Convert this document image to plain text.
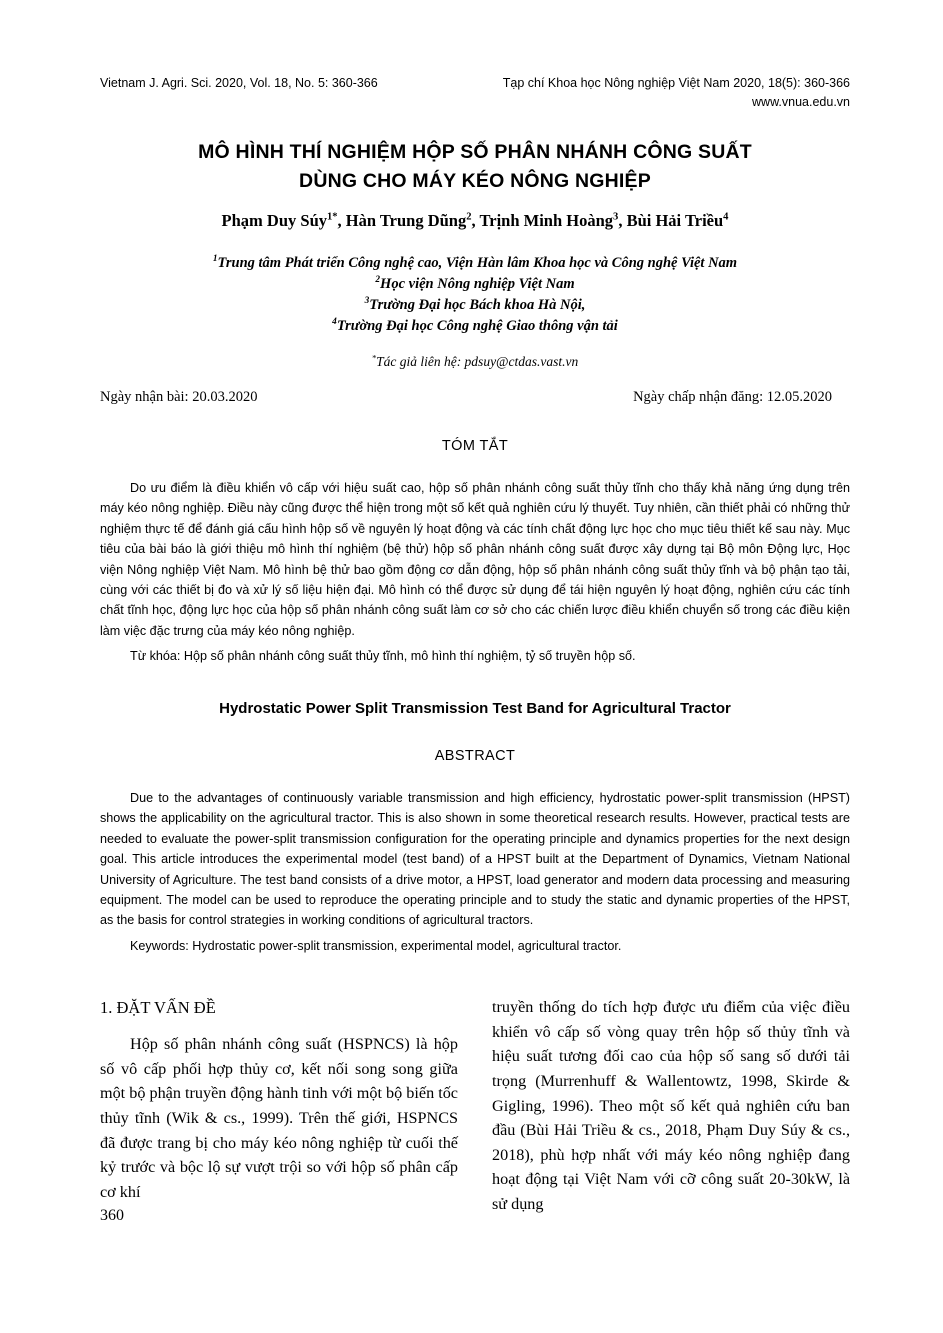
Vietnam J. Agri. Sci. 2020, Vol. 18, No. 5: 360-366	Tạp chí Khoa học Nông nghiệp Việt Nam 2020, 18(5): 360-366
www.vnua.edu.vn
MÔ HÌNH THÍ NGHIỆM HỘP SỐ PHÂN NHÁNH CÔNG SUẤT
DÙNG CHO MÁY KÉO NÔNG NGHIỆP
Phạm Duy Súy$^{1*}$, Hàn Trung Dũng$^2$, Trịnh Minh Hoàng$^3$, Bùi Hải Triều$^4$
$^1$Trung tâm Phát triển Công nghệ cao, Viện Hàn lâm Khoa học và Công nghệ Việt Nam
$^2$Học viện Nông nghiệp Việt Nam
$^3$Trường Đại học Bách khoa Hà Nội,
$^4$Trường Đại học Công nghệ Giao thông vận tải
*Tác giả liên hệ: pdsuy@ctdas.vast.vn
Ngày nhận bài: 20.03.2020	Ngày chấp nhận đăng: 12.05.2020
TÓM TẮT

Do ưu điểm là điều khiển vô cấp với hiệu suất cao, hộp số phân nhánh công suất thủy tĩnh cho thấy khả năng ứng dụng trên máy kéo nông nghiệp. Điều này cũng được thể hiện trong một số kết quả nghiên cứu lý thuyết. Tuy nhiên, cần thiết phải có những thử nghiệm thực tế để đánh giá cấu hình hộp số về nguyên lý hoạt động và các tính chất động lực học cho mục tiêu thiết kế sau này. Mục tiêu của bài báo là giới thiệu mô hình thí nghiệm (bệ thử) hộp số phân nhánh công suất được xây dựng tại Bộ môn Động lực, Học viện Nông nghiệp Việt Nam. Mô hình bệ thử bao gồm động cơ dẫn động, hộp số phân nhánh công suất thủy tĩnh và bộ phận tạo tải, cùng với các thiết bị đo và xử lý số liệu hiện đại. Mô hình có thể được sử dụng để tái hiện nguyên lý hoạt động, nghiên cứu các tính chất tĩnh học, động lực học của hộp số phân nhánh công suất làm cơ sở cho các chiến lược điều khiển chuyển số trong các điều kiện làm việc đặc trưng của máy kéo nông nghiệp.

Từ khóa: Hộp số phân nhánh công suất thủy tĩnh, mô hình thí nghiệm, tỷ số truyền hộp số.

Hydrostatic Power Split Transmission Test Band for Agricultural Tractor
ABSTRACT

Due to the advantages of continuously variable transmission and high efficiency, hydrostatic power-split transmission (HPST) shows the applicability on the agricultural tractor. This is also shown in some theoretical research results. However, practical tests are needed to evaluate the power-split transmission configuration for the operating principle and dynamics properties for the next design goal. This article introduces the experimental model (test band) of a HPST built at the Department of Dynamics, Vietnam National University of Agriculture. The test band consists of a drive motor, a HPST, load generator and modern data processing and measuring equipment. The model can be used to reproduce the operating principle and to study the static and dynamic properties of the HPST, as the basis for control strategies in working conditions of agricultural tractors.

Keywords: Hydrostatic power-split transmission, experimental model, agricultural tractor.

1. ĐẶT VẤN ĐỀ

Hộp số phân nhánh công suất (HSPNCS) là hộp số vô cấp phối hợp thủy cơ, kết nối song song giữa một bộ phận truyền động hành tinh với một bộ biến tốc thủy tĩnh (Wik & cs., 1999). Trên thế giới, HSPNCS đã được trang bị cho máy kéo nông nghiệp từ cuối thế kỷ trước và bộc lộ sự vượt trội so với hộp số phân cấp cơ khí

truyền thống do tích hợp được ưu điểm của việc điều khiển vô cấp số vòng quay trên hộp số thủy tĩnh và hiệu suất tương đối cao của hộp số sang số dưới tải trọng (Murrenhuff & Wallentowtz, 1998, Skirde & Gigling, 1996). Theo một số kết quả nghiên cứu ban đầu (Bùi Hải Triều & cs., 2018, Phạm Duy Súy & cs., 2018), phù hợp nhất với máy kéo nông nghiệp đang hoạt động tại Việt Nam với cỡ công suất 20-30kW, là sử dụng

360
